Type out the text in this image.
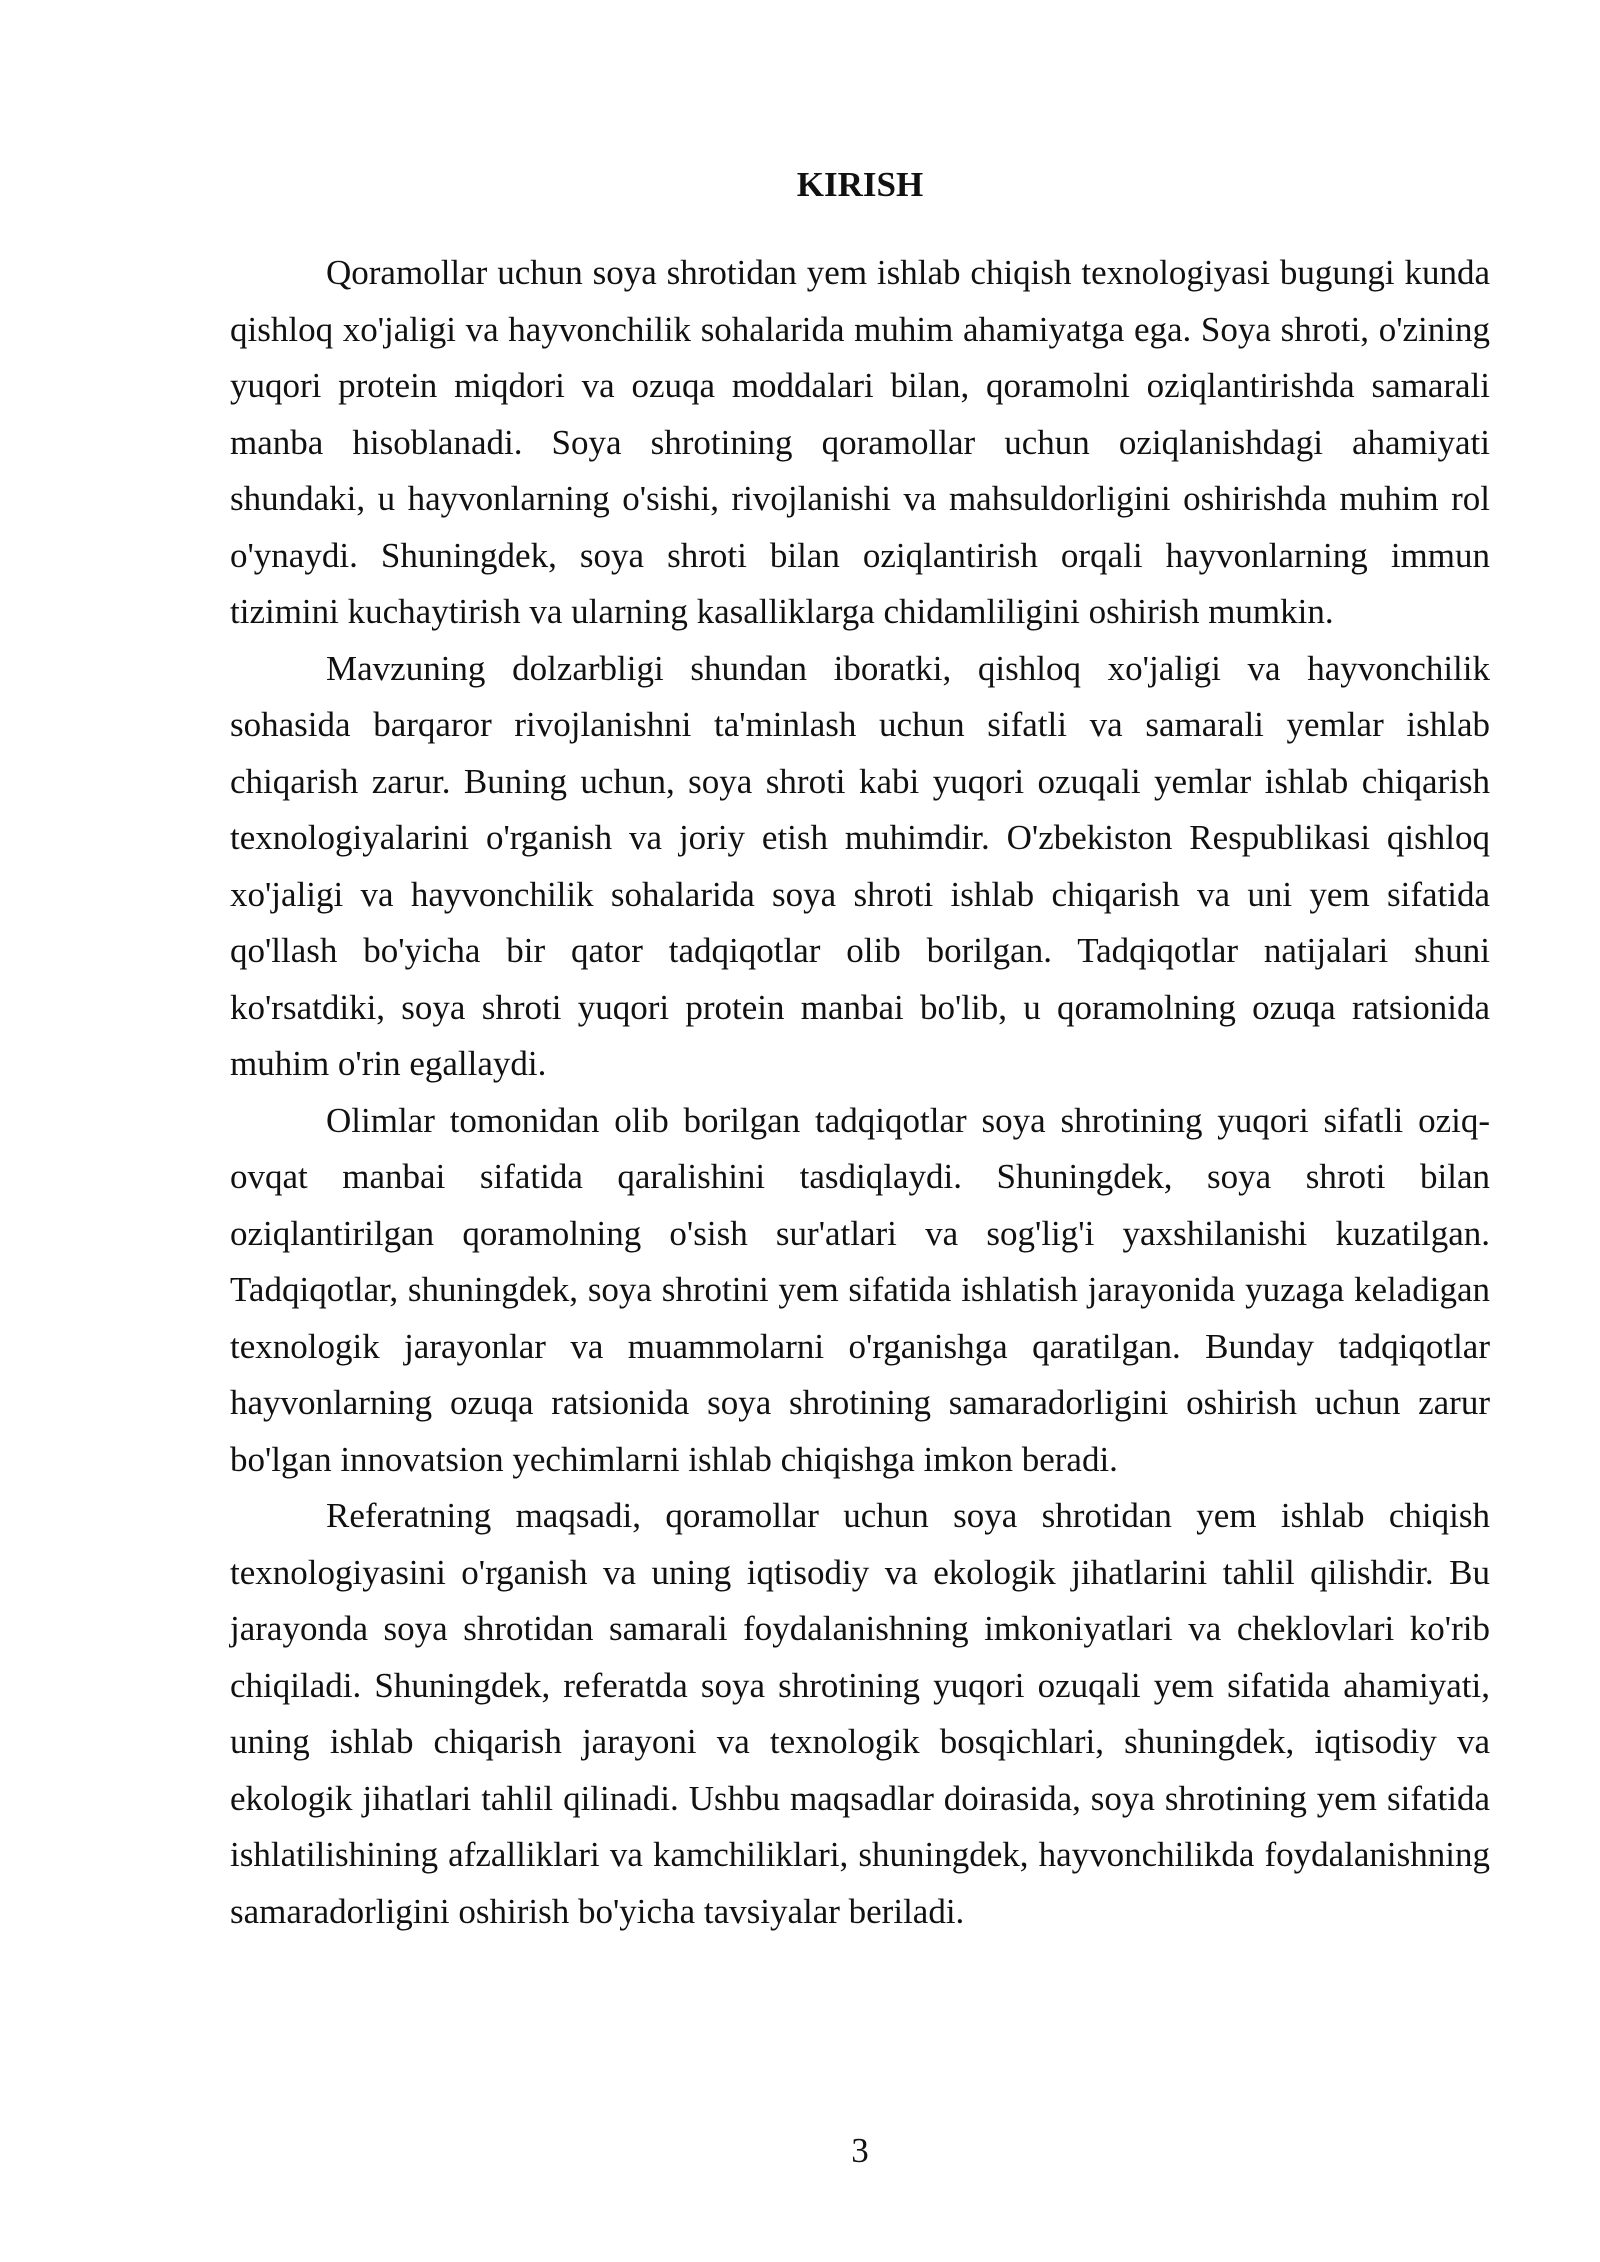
KIRISH

Qoramollar uchun soya shrotidan yem ishlab chiqish texnologiyasi bugungi kunda qishloq xo'jaligi va hayvonchilik sohalarida muhim ahamiyatga ega. Soya shroti, o'zining yuqori protein miqdori va ozuqa moddalari bilan, qoramolni oziqlantirishda samarali manba hisoblanadi. Soya shrotining qoramollar uchun oziqlanishdagi ahamiyati shundaki, u hayvonlarning o'sishi, rivojlanishi va mahsuldorligini oshirishda muhim rol o'ynaydi. Shuningdek, soya shroti bilan oziqlantirish orqali hayvonlarning immun tizimini kuchaytirish va ularning kasalliklarga chidamliligini oshirish mumkin.

Mavzuning dolzarbligi shundan iboratki, qishloq xo'jaligi va hayvonchilik sohasida barqaror rivojlanishni ta'minlash uchun sifatli va samarali yemlar ishlab chiqarish zarur. Buning uchun, soya shroti kabi yuqori ozuqali yemlar ishlab chiqarish texnologiyalarini o'rganish va joriy etish muhimdir. O'zbekiston Respublikasi qishloq xo'jaligi va hayvonchilik sohalarida soya shroti ishlab chiqarish va uni yem sifatida qo'llash bo'yicha bir qator tadqiqotlar olib borilgan. Tadqiqotlar natijalari shuni ko'rsatdiki, soya shroti yuqori protein manbai bo'lib, u qoramolning ozuqa ratsionida muhim o'rin egallaydi.

Olimlar tomonidan olib borilgan tadqiqotlar soya shrotining yuqori sifatli oziq-ovqat manbai sifatida qaralishini tasdiqlaydi. Shuningdek, soya shroti bilan oziqlantirilgan qoramolning o'sish sur'atlari va sog'lig'i yaxshilanishi kuzatilgan. Tadqiqotlar, shuningdek, soya shrotini yem sifatida ishlatish jarayonida yuzaga keladigan texnologik jarayonlar va muammolarni o'rganishga qaratilgan. Bunday tadqiqotlar hayvonlarning ozuqa ratsionida soya shrotining samaradorligini oshirish uchun zarur bo'lgan innovatsion yechimlarni ishlab chiqishga imkon beradi.

Referatning maqsadi, qoramollar uchun soya shrotidan yem ishlab chiqish texnologiyasini o'rganish va uning iqtisodiy va ekologik jihatlarini tahlil qilishdir. Bu jarayonda soya shrotidan samarali foydalanishning imkoniyatlari va cheklovlari ko'rib chiqiladi. Shuningdek, referatda soya shrotining yuqori ozuqali yem sifatida ahamiyati, uning ishlab chiqarish jarayoni va texnologik bosqichlari, shuningdek, iqtisodiy va ekologik jihatlari tahlil qilinadi. Ushbu maqsadlar doirasida, soya shrotining yem sifatida ishlatilishining afzalliklari va kamchiliklari, shuningdek, hayvonchilikda foydalanishning samaradorligini oshirish bo'yicha tavsiyalar beriladi.

3
